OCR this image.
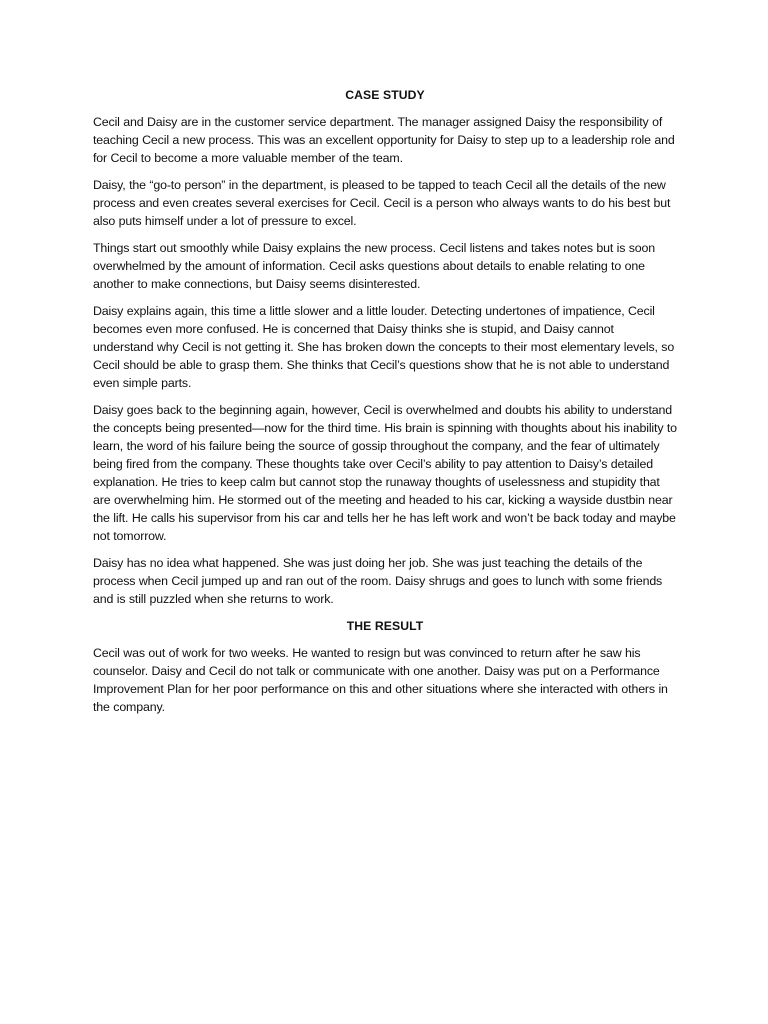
CASE STUDY

Cecil and Daisy are in the customer service department. The manager assigned Daisy the responsibility of teaching Cecil a new process. This was an excellent opportunity for Daisy to step up to a leadership role and for Cecil to become a more valuable member of the team.

Daisy, the “go-to person” in the department, is pleased to be tapped to teach Cecil all the details of the new process and even creates several exercises for Cecil. Cecil is a person who always wants to do his best but also puts himself under a lot of pressure to excel.

Things start out smoothly while Daisy explains the new process. Cecil listens and takes notes but is soon overwhelmed by the amount of information. Cecil asks questions about details to enable relating to one another to make connections, but Daisy seems disinterested.

Daisy explains again, this time a little slower and a little louder. Detecting undertones of impatience, Cecil becomes even more confused. He is concerned that Daisy thinks she is stupid, and Daisy cannot understand why Cecil is not getting it. She has broken down the concepts to their most elementary levels, so Cecil should be able to grasp them. She thinks that Cecil’s questions show that he is not able to understand even simple parts.

Daisy goes back to the beginning again, however, Cecil is overwhelmed and doubts his ability to understand the concepts being presented—now for the third time. His brain is spinning with thoughts about his inability to learn, the word of his failure being the source of gossip throughout the company, and the fear of ultimately being fired from the company. These thoughts take over Cecil’s ability to pay attention to Daisy’s detailed explanation. He tries to keep calm but cannot stop the runaway thoughts of uselessness and stupidity that are overwhelming him. He stormed out of the meeting and headed to his car, kicking a wayside dustbin near the lift. He calls his supervisor from his car and tells her he has left work and won’t be back today and maybe not tomorrow.

Daisy has no idea what happened. She was just doing her job. She was just teaching the details of the process when Cecil jumped up and ran out of the room. Daisy shrugs and goes to lunch with some friends and is still puzzled when she returns to work.

THE RESULT

Cecil was out of work for two weeks. He wanted to resign but was convinced to return after he saw his counselor. Daisy and Cecil do not talk or communicate with one another. Daisy was put on a Performance Improvement Plan for her poor performance on this and other situations where she interacted with others in the company.
